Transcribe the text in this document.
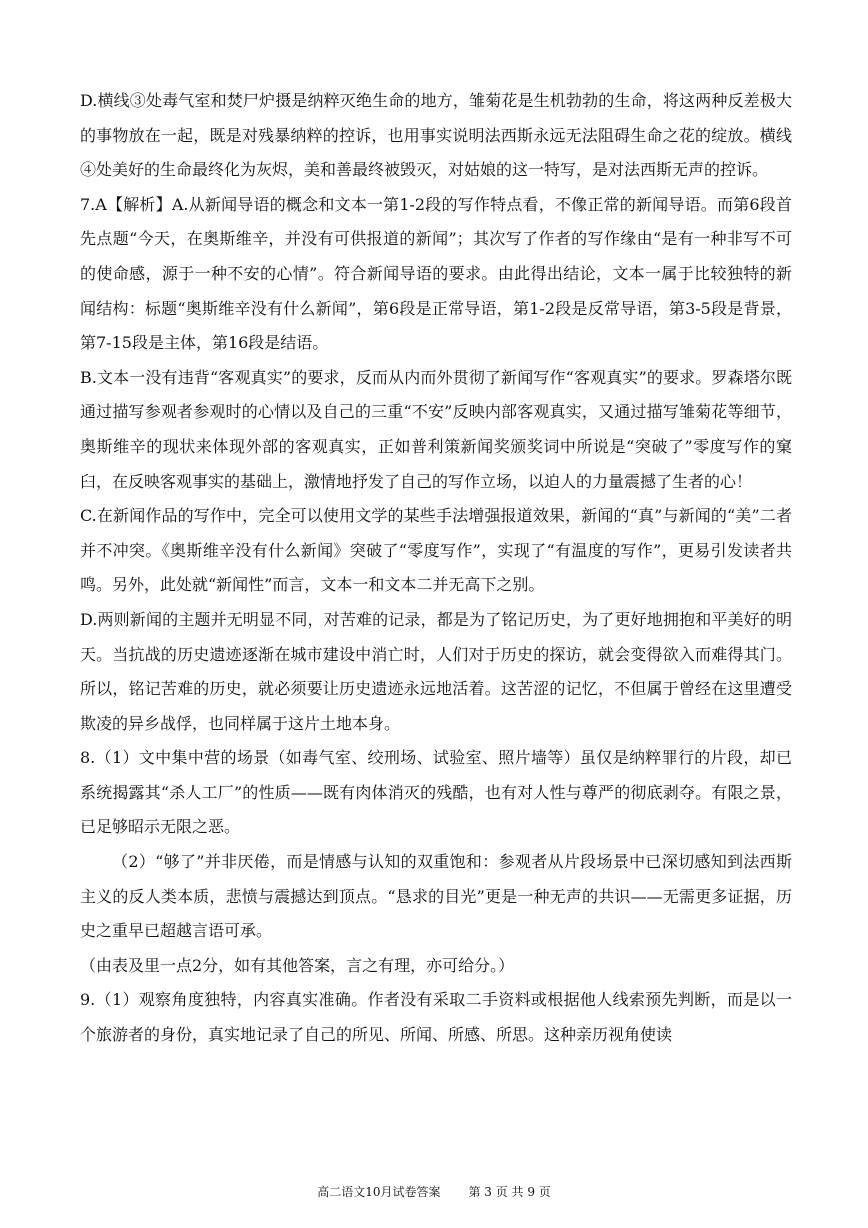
D.横线③处毒气室和焚尸炉摄是纳粹灭绝生命的地方，雏菊花是生机勃勃的生命，将这两种反差极大的事物放在一起，既是对残暴纳粹的控诉，也用事实说明法西斯永远无法阻碍生命之花的绽放。横线④处美好的生命最终化为灰烬，美和善最终被毁灭，对姑娘的这一特写，是对法西斯无声的控诉。

7.A【解析】A.从新闻导语的概念和文本一第1-2段的写作特点看，不像正常的新闻导语。而第6段首先点题“今天，在奥斯维辛，并没有可供报道的新闻”；其次写了作者的写作缘由“是有一种非写不可的使命感，源于一种不安的心情”。符合新闻导语的要求。由此得出结论，文本一属于比较独特的新闻结构：标题“奥斯维辛没有什么新闻”，第6段是正常导语，第1-2段是反常导语，第3-5段是背景，第7-15段是主体，第16段是结语。

B.文本一没有违背“客观真实”的要求，反而从内而外贯彻了新闻写作“客观真实”的要求。罗森塔尔既通过描写参观者参观时的心情以及自己的三重“不安”反映内部客观真实，又通过描写雏菊花等细节，奥斯维辛的现状来体现外部的客观真实，正如普利策新闻奖颁奖词中所说是“突破了”零度写作的窠臼，在反映客观事实的基础上，激情地抒发了自己的写作立场，以迫人的力量震撼了生者的心！

C.在新闻作品的写作中，完全可以使用文学的某些手法增强报道效果，新闻的“真”与新闻的“美”二者并不冲突。《奥斯维辛没有什么新闻》突破了“零度写作”，实现了“有温度的写作”，更易引发读者共鸣。另外，此处就“新闻性”而言，文本一和文本二并无高下之别。

D.两则新闻的主题并无明显不同，对苦难的记录，都是为了铭记历史，为了更好地拥抱和平美好的明天。当抗战的历史遗迹逐渐在城市建设中消亡时，人们对于历史的探访，就会变得欲入而难得其门。所以，铭记苦难的历史，就必须要让历史遗迹永远地活着。这苦涩的记忆，不但属于曾经在这里遭受欺凌的异乡战俘，也同样属于这片土地本身。

8.（1）文中集中营的场景（如毒气室、绞刑场、试验室、照片墙等）虽仅是纳粹罪行的片段，却已系统揭露其“杀人工厂”的性质——既有肉体消灭的残酷，也有对人性与尊严的彻底剥夺。有限之景，已足够昭示无限之恶。

（2）“够了”并非厌倦，而是情感与认知的双重饱和：参观者从片段场景中已深切感知到法西斯主义的反人类本质，悲愤与震撼达到顶点。“恳求的目光”更是一种无声的共识——无需更多证据，历史之重早已超越言语可承。

（由表及里一点2分，如有其他答案，言之有理，亦可给分。）

9.（1）观察角度独特，内容真实准确。作者没有采取二手资料或根据他人线索预先判断，而是以一个旅游者的身份，真实地记录了自己的所见、所闻、所感、所思。这种亲历视角使读

高二语文10月试卷答案 第 3 页 共 9 页
